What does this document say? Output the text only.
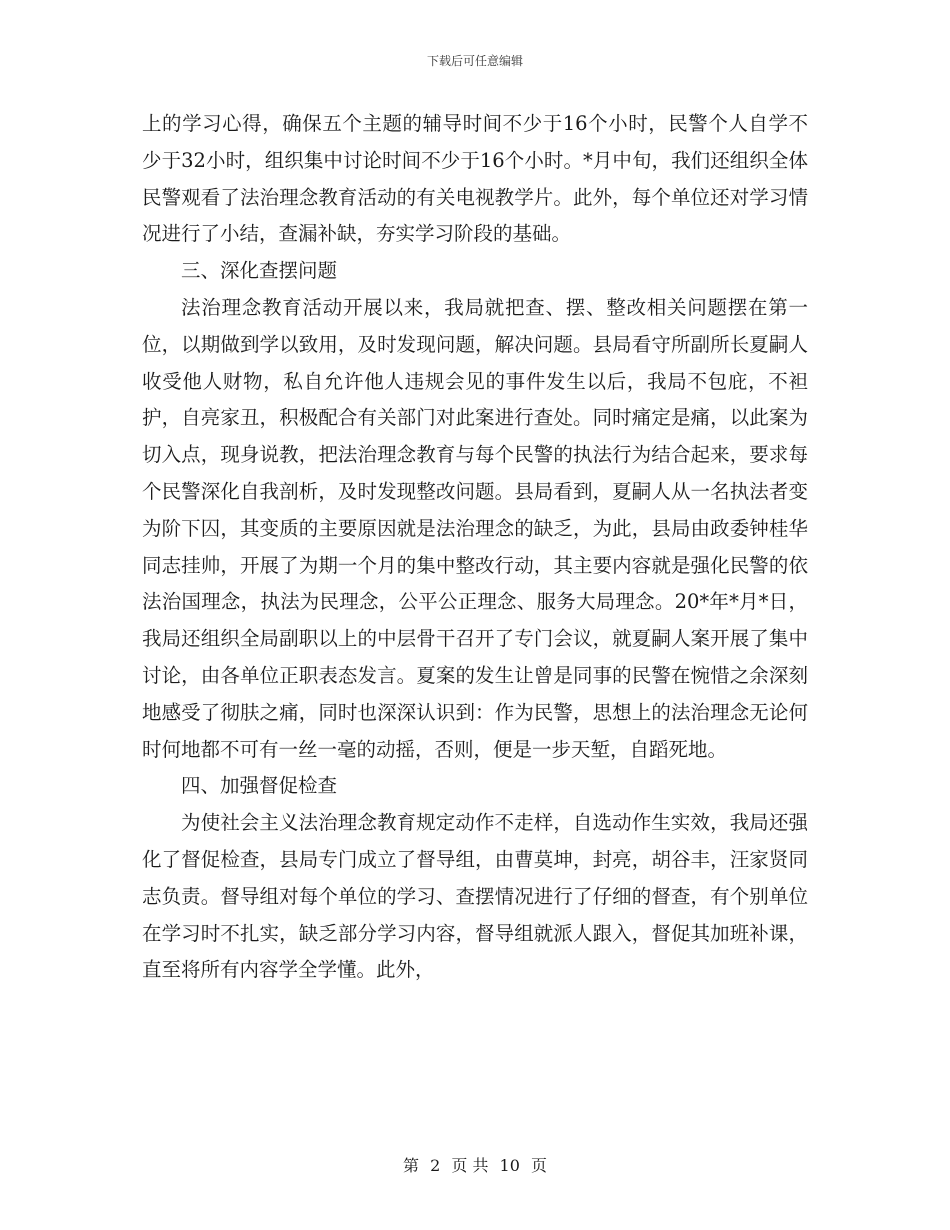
下载后可任意编辑

上的学习心得，确保五个主题的辅导时间不少于16个小时，民警个人自学不少于32小时，组织集中讨论时间不少于16个小时。*月中旬，我们还组织全体民警观看了法治理念教育活动的有关电视教学片。此外，每个单位还对学习情况进行了小结，查漏补缺，夯实学习阶段的基础。

三、深化查摆问题

法治理念教育活动开展以来，我局就把查、摆、整改相关问题摆在第一位，以期做到学以致用，及时发现问题，解决问题。县局看守所副所长夏嗣人收受他人财物，私自允许他人违规会见的事件发生以后，我局不包庇，不袒护，自亮家丑，积极配合有关部门对此案进行查处。同时痛定是痛，以此案为切入点，现身说教，把法治理念教育与每个民警的执法行为结合起来，要求每个民警深化自我剖析，及时发现整改问题。县局看到，夏嗣人从一名执法者变为阶下囚，其变质的主要原因就是法治理念的缺乏，为此，县局由政委钟桂华同志挂帅，开展了为期一个月的集中整改行动，其主要内容就是强化民警的依法治国理念，执法为民理念，公平公正理念、服务大局理念。20*年*月*日，我局还组织全局副职以上的中层骨干召开了专门会议，就夏嗣人案开展了集中讨论，由各单位正职表态发言。夏案的发生让曾是同事的民警在惋惜之余深刻地感受了彻肤之痛，同时也深深认识到：作为民警，思想上的法治理念无论何时何地都不可有一丝一毫的动摇，否则，便是一步天堑，自蹈死地。

四、加强督促检查

为使社会主义法治理念教育规定动作不走样，自选动作生实效，我局还强化了督促检查，县局专门成立了督导组，由曹莫坤，封亮，胡谷丰，汪家贤同志负责。督导组对每个单位的学习、查摆情况进行了仔细的督查，有个别单位在学习时不扎实，缺乏部分学习内容，督导组就派人跟入，督促其加班补课，直至将所有内容学全学懂。此外，

第 2 页 共 10 页
